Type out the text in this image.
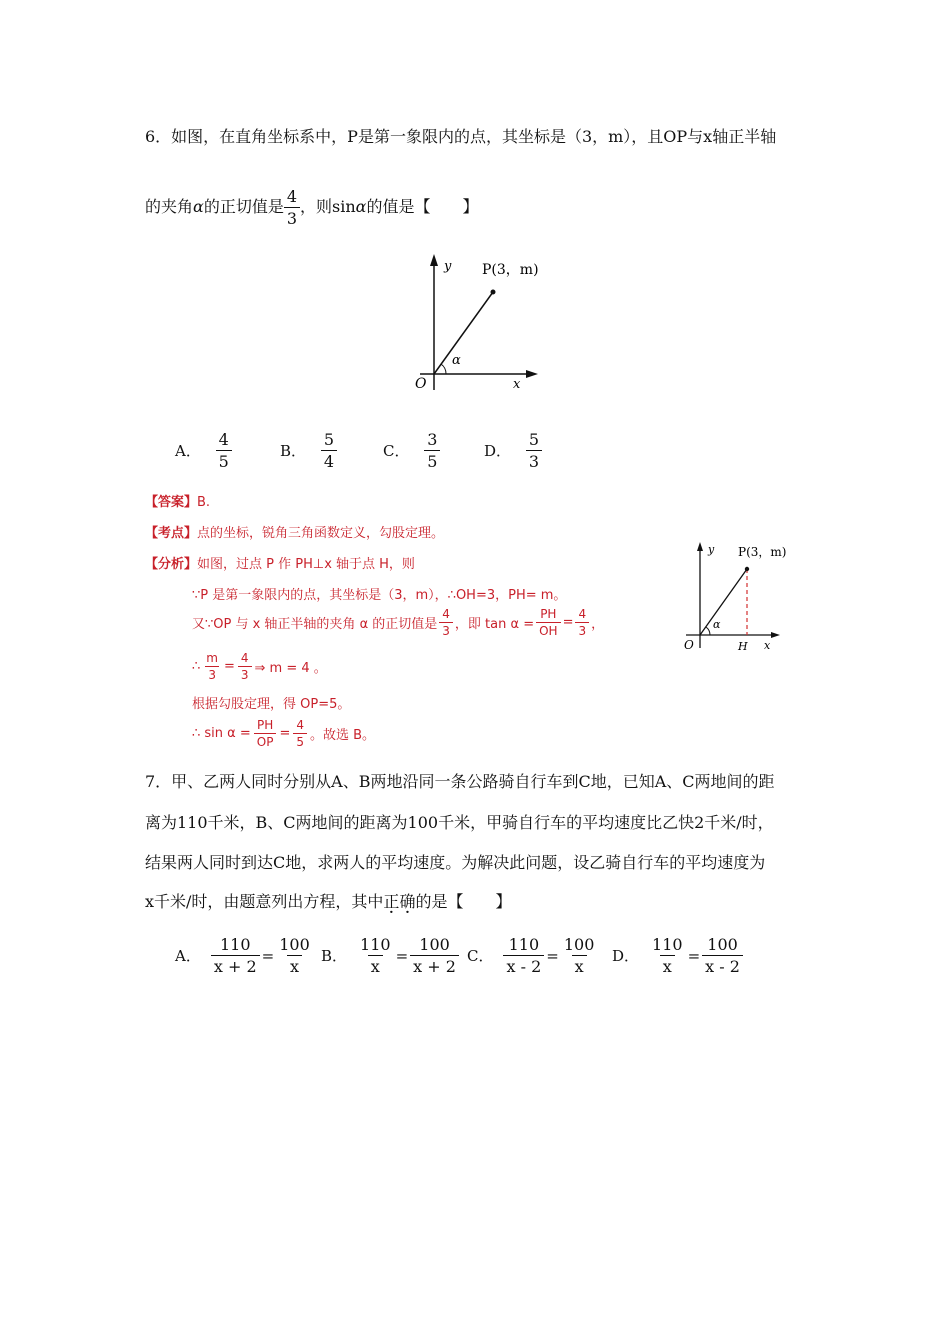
6．如图，在直角坐标系中，P是第一象限内的点，其坐标是（3，m），且OP与x轴正半轴
的夹角 α 的正切值是 $\frac{4}{3}$ ，则sin α 的值是【　　】
y
x
O
P(3，m)
α
A． $\frac{4}{5}$	B． $\frac{5}{4}$	C． $\frac{3}{5}$	D． $\frac{5}{3}$
【答案】B.
【考点】点的坐标，锐角三角函数定义，勾股定理。
【分析】如图，过点 P 作 PH⊥x 轴于点 H，则
∵P 是第一象限内的点，其坐标是（3，m），∴OH=3，PH= m。
又∵OP 与 x 轴正半轴的夹角 α 的正切值是 $\frac{4}{3}$ ，即 $\tan \alpha = \frac{PH}{OH} = \frac{4}{3}$ ，
∴ $\frac{m}{3} = \frac{4}{3}$ ⇒ m = 4 。
根据勾股定理，得 OP=5。
∴ $\sin \alpha = \frac{PH}{OP} = \frac{4}{5}$ 。故选 B。
y
x
O	H
P(3，m)
α
7．甲、乙两人同时分别从A、B两地沿同一条公路骑自行车到C地，已知A、C两地间的距
离为110千米，B、C两地间的距离为100千米，甲骑自行车的平均速度比乙快2千米/时，
结果两人同时到达C地，求两人的平均速度。为解决此问题，设乙骑自行车的平均速度为
x千米/时，由题意列出方程，其中正确的是【　　】
A． $\frac{110}{x + 2} = \frac{100}{x}$ B． $\frac{110}{x} = \frac{100}{x + 2}$ C． $\frac{110}{x - 2} = \frac{100}{x}$ D． $\frac{110}{x} = \frac{100}{x - 2}$
